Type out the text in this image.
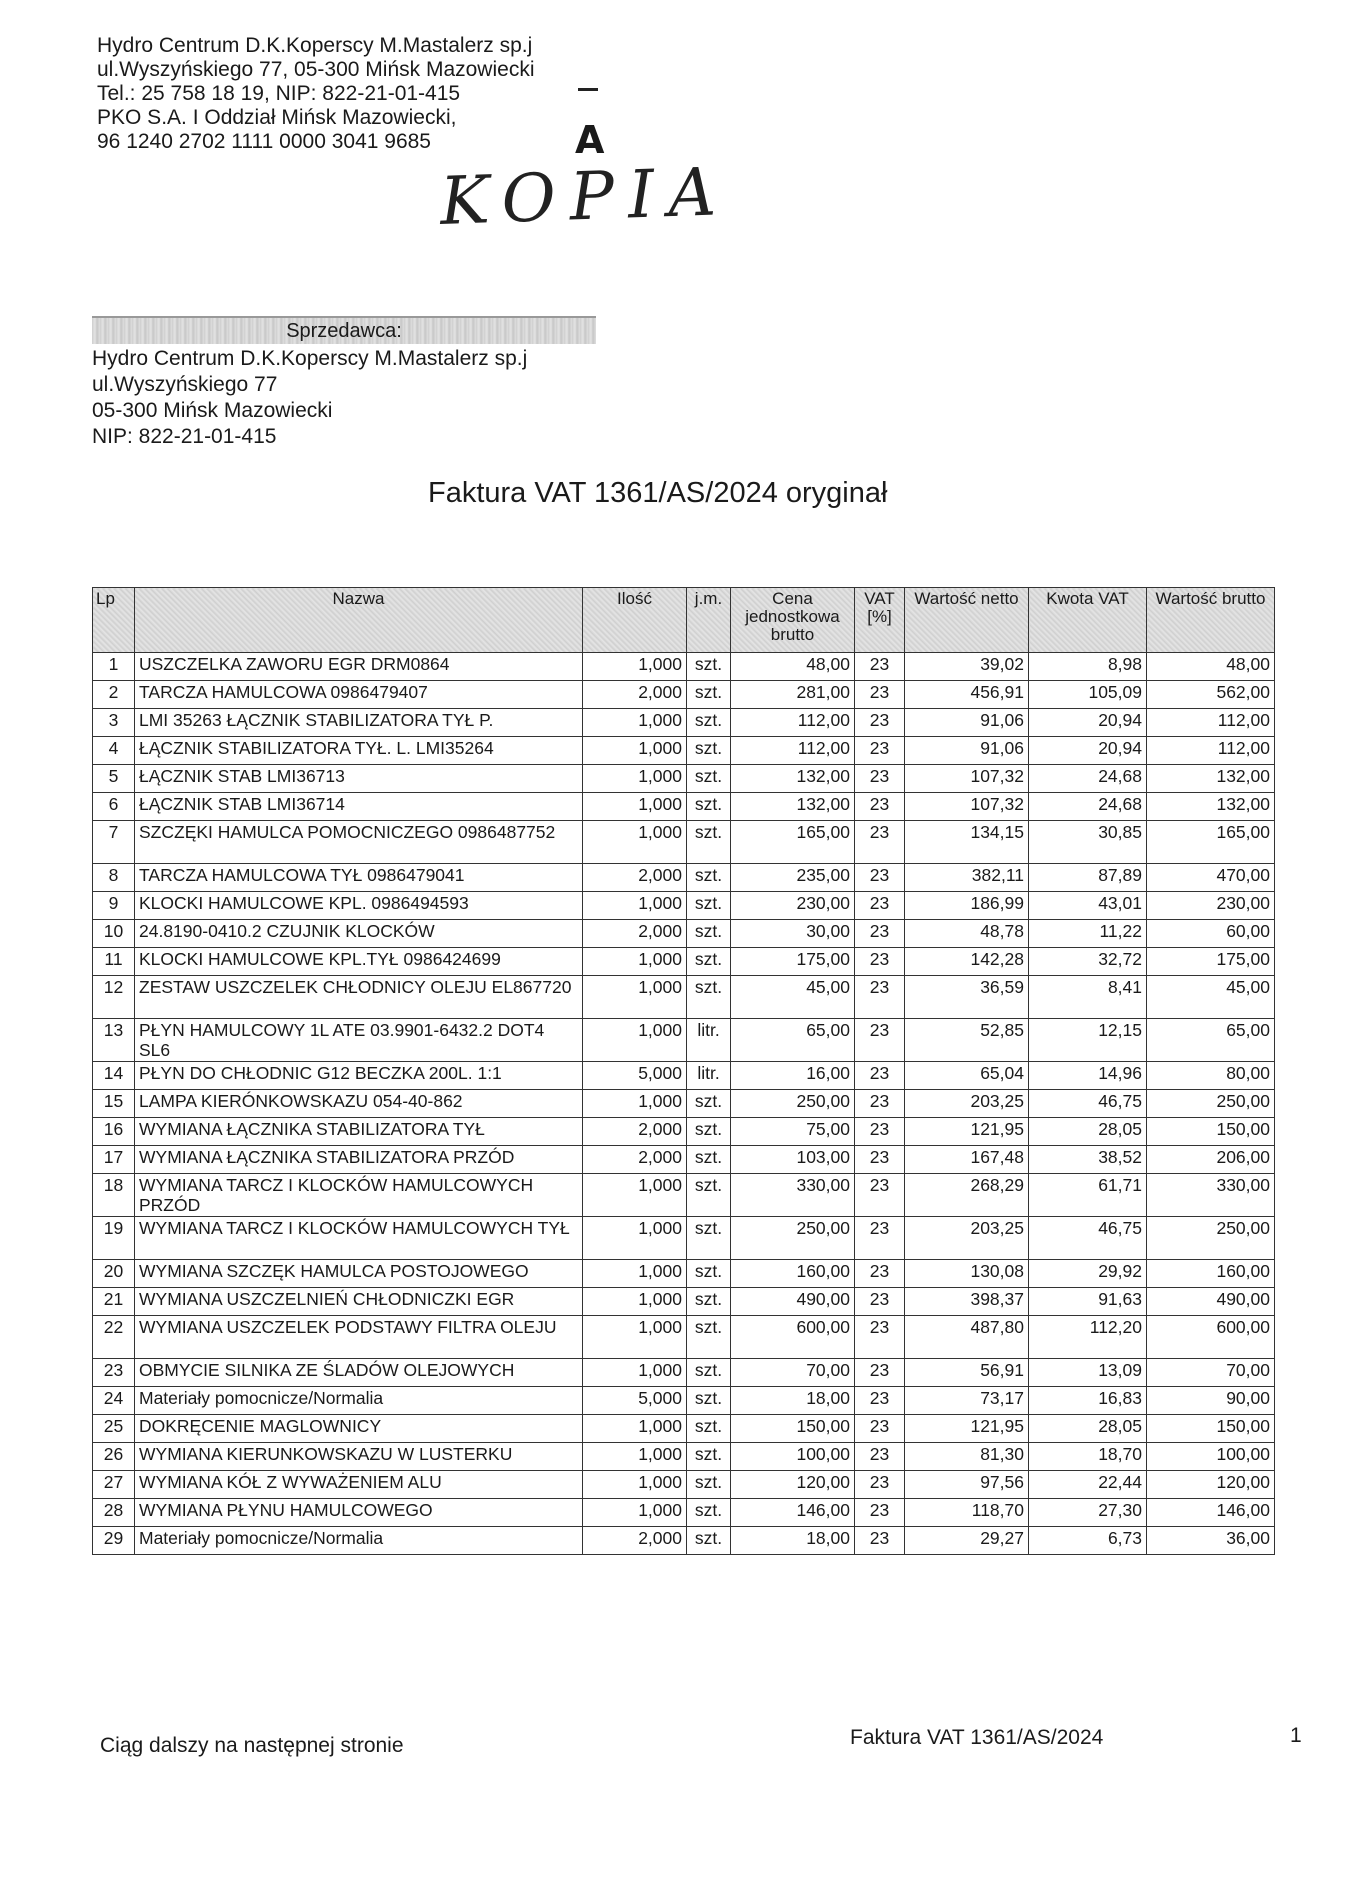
Hydro Centrum D.K.Koperscy M.Mastalerz sp.j
ul.Wyszyńskiego 77, 05-300 Mińsk Mazowiecki
Tel.: 25 758 18 19, NIP: 822-21-01-415
PKO S.A. I Oddział Mińsk Mazowiecki,
96 1240 2702 1111 0000 3041 9685	A
KOPIA
Sprzedawca:
Hydro Centrum D.K.Koperscy M.Mastalerz sp.j
ul.Wyszyńskiego 77
05-300 Mińsk Mazowiecki
NIP: 822-21-01-415
Faktura VAT 1361/AS/2024 oryginał
Lp	Nazwa	Ilość	j.m.	Cena jednostkowa brutto	VAT [%]	Wartość netto	Kwota VAT	Wartość brutto
1	USZCZELKA ZAWORU EGR DRM0864	1,000	szt.	48,00	23	39,02	8,98	48,00
2	TARCZA HAMULCOWA 0986479407	2,000	szt.	281,00	23	456,91	105,09	562,00
3	LMI 35263 ŁĄCZNIK STABILIZATORA TYŁ P.	1,000	szt.	112,00	23	91,06	20,94	112,00
4	ŁĄCZNIK STABILIZATORA TYŁ. L. LMI35264	1,000	szt.	112,00	23	91,06	20,94	112,00
5	ŁĄCZNIK STAB LMI36713	1,000	szt.	132,00	23	107,32	24,68	132,00
6	ŁĄCZNIK STAB LMI36714	1,000	szt.	132,00	23	107,32	24,68	132,00
7	SZCZĘKI HAMULCA POMOCNICZEGO 0986487752	1,000	szt.	165,00	23	134,15	30,85	165,00
8	TARCZA HAMULCOWA TYŁ 0986479041	2,000	szt.	235,00	23	382,11	87,89	470,00
9	KLOCKI HAMULCOWE KPL. 0986494593	1,000	szt.	230,00	23	186,99	43,01	230,00
10	24.8190-0410.2 CZUJNIK KLOCKÓW	2,000	szt.	30,00	23	48,78	11,22	60,00
11	KLOCKI HAMULCOWE KPL.TYŁ 0986424699	1,000	szt.	175,00	23	142,28	32,72	175,00
12	ZESTAW USZCZELEK CHŁODNICY OLEJU EL867720	1,000	szt.	45,00	23	36,59	8,41	45,00
13	PŁYN HAMULCOWY 1L ATE 03.9901-6432.2 DOT4 SL6	1,000	litr.	65,00	23	52,85	12,15	65,00
14	PŁYN DO CHŁODNIC G12 BECZKA 200L. 1:1	5,000	litr.	16,00	23	65,04	14,96	80,00
15	LAMPA KIERÓNKOWSKAZU 054-40-862	1,000	szt.	250,00	23	203,25	46,75	250,00
16	WYMIANA ŁĄCZNIKA STABILIZATORA TYŁ	2,000	szt.	75,00	23	121,95	28,05	150,00
17	WYMIANA ŁĄCZNIKA STABILIZATORA PRZÓD	2,000	szt.	103,00	23	167,48	38,52	206,00
18	WYMIANA TARCZ I KLOCKÓW HAMULCOWYCH PRZÓD	1,000	szt.	330,00	23	268,29	61,71	330,00
19	WYMIANA TARCZ I KLOCKÓW HAMULCOWYCH TYŁ	1,000	szt.	250,00	23	203,25	46,75	250,00
20	WYMIANA SZCZĘK HAMULCA POSTOJOWEGO	1,000	szt.	160,00	23	130,08	29,92	160,00
21	WYMIANA USZCZELNIEŃ CHŁODNICZKI EGR	1,000	szt.	490,00	23	398,37	91,63	490,00
22	WYMIANA USZCZELEK PODSTAWY FILTRA OLEJU	1,000	szt.	600,00	23	487,80	112,20	600,00
23	OBMYCIE SILNIKA ZE ŚLADÓW OLEJOWYCH	1,000	szt.	70,00	23	56,91	13,09	70,00
24	Materiały pomocnicze/Normalia	5,000	szt.	18,00	23	73,17	16,83	90,00
25	DOKRĘCENIE MAGLOWNICY	1,000	szt.	150,00	23	121,95	28,05	150,00
26	WYMIANA KIERUNKOWSKAZU W LUSTERKU	1,000	szt.	100,00	23	81,30	18,70	100,00
27	WYMIANA KÓŁ Z WYWAŻENIEM ALU	1,000	szt.	120,00	23	97,56	22,44	120,00
28	WYMIANA PŁYNU HAMULCOWEGO	1,000	szt.	146,00	23	118,70	27,30	146,00
29	Materiały pomocnicze/Normalia	2,000	szt.	18,00	23	29,27	6,73	36,00
Ciąg dalszy na następnej stronie	Faktura VAT 1361/AS/2024	1
